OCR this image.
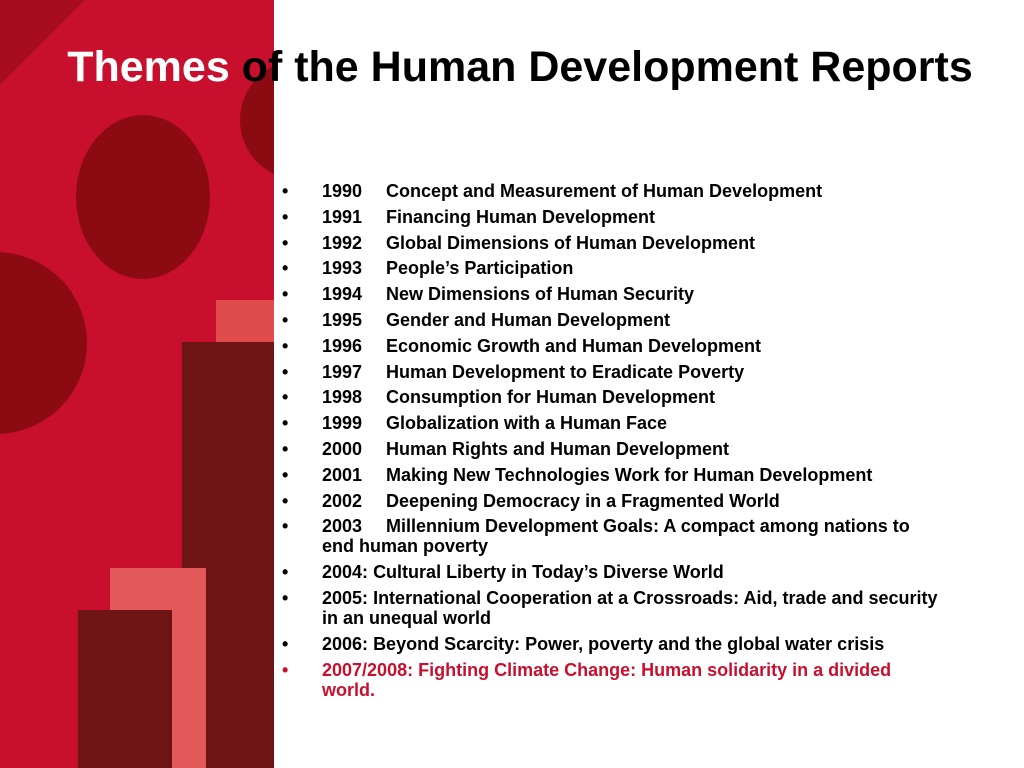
Themes of the Human Development Reports
• 1990 Concept and Measurement of Human Development
• 1991 Financing Human Development
• 1992 Global Dimensions of Human Development
• 1993 People’s Participation
• 1994 New Dimensions of Human Security
• 1995 Gender and Human Development
• 1996 Economic Growth and Human Development
• 1997 Human Development to Eradicate Poverty
• 1998 Consumption for Human Development
• 1999 Globalization with a Human Face
• 2000 Human Rights and Human Development
• 2001 Making New Technologies Work for Human Development
• 2002 Deepening Democracy in a Fragmented World
• 2003 Millennium Development Goals: A compact among nations to end human poverty
• 2004: Cultural Liberty in Today’s Diverse World
• 2005: International Cooperation at a Crossroads: Aid, trade and security in an unequal world
• 2006: Beyond Scarcity: Power, poverty and the global water crisis
• 2007/2008: Fighting Climate Change: Human solidarity in a divided world.
